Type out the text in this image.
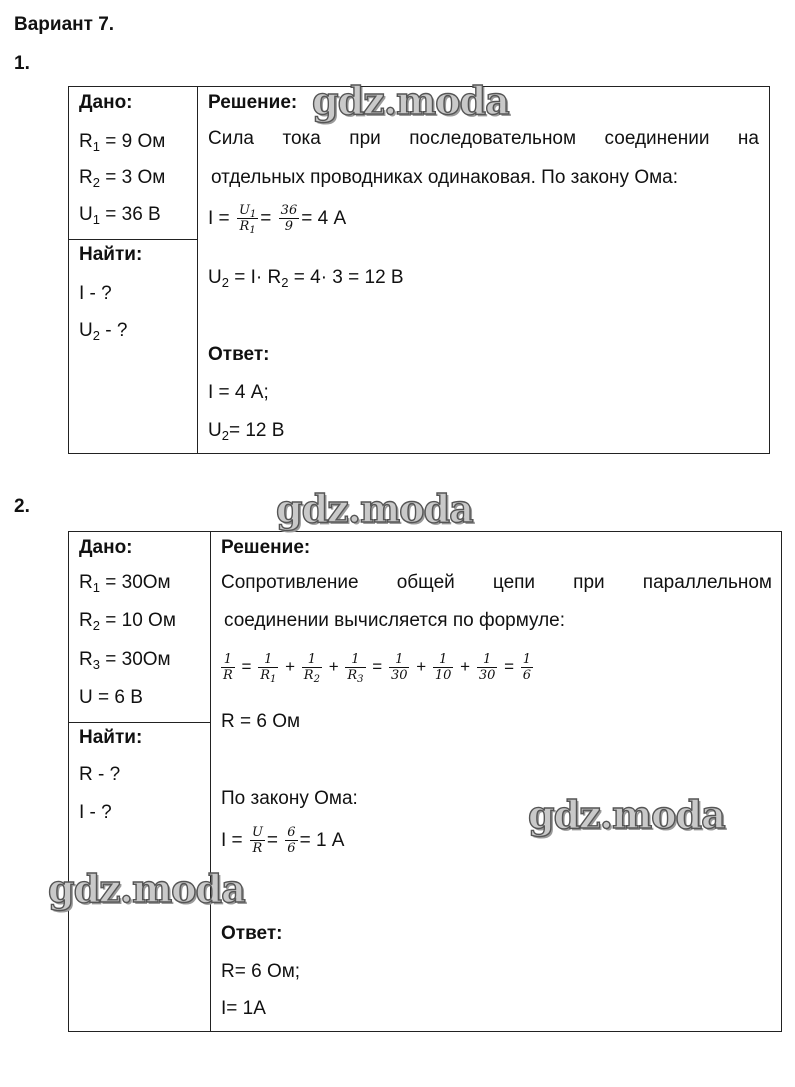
Вариант 7.
1.
Дано:
$R_1 = 9$ Ом
$R_2 = 3$ Ом
$U_1 = 36$ В
Найти:
I - ?
$U_2$ - ?
Решение:
Сила тока при последовательном соединении на
отдельных проводниках одинаковая. По закону Ома:
$I = \frac{U_1}{R_1} = \frac{36}{9} = 4$ А
$U_2 = I\cdot R_2 = 4\cdot 3 = 12$ В
Ответ:
I = 4 А;
$U_2= 12$ В
2.
Дано:
$R_1 = 30Ом$
$R_2 = 10$ Ом
$R_3 = 30Ом$
U = 6 В
Найти:
R - ?
I - ?
Решение:
Сопротивление общей цепи при параллельном
соединении вычисляется по формуле:
$\frac{1}{R} = \frac{1}{R_1} + \frac{1}{R_2} + \frac{1}{R_3} = \frac{1}{30} + \frac{1}{10} + \frac{1}{30} = \frac{1}{6}$
R = 6 Ом
По закону Ома:
$I = \frac{U}{R} = \frac{6}{6} = 1$ А
Ответ:
R= 6 Ом;
I= 1А
gdz.moda
gdz.moda
gdz.moda
gdz.moda
